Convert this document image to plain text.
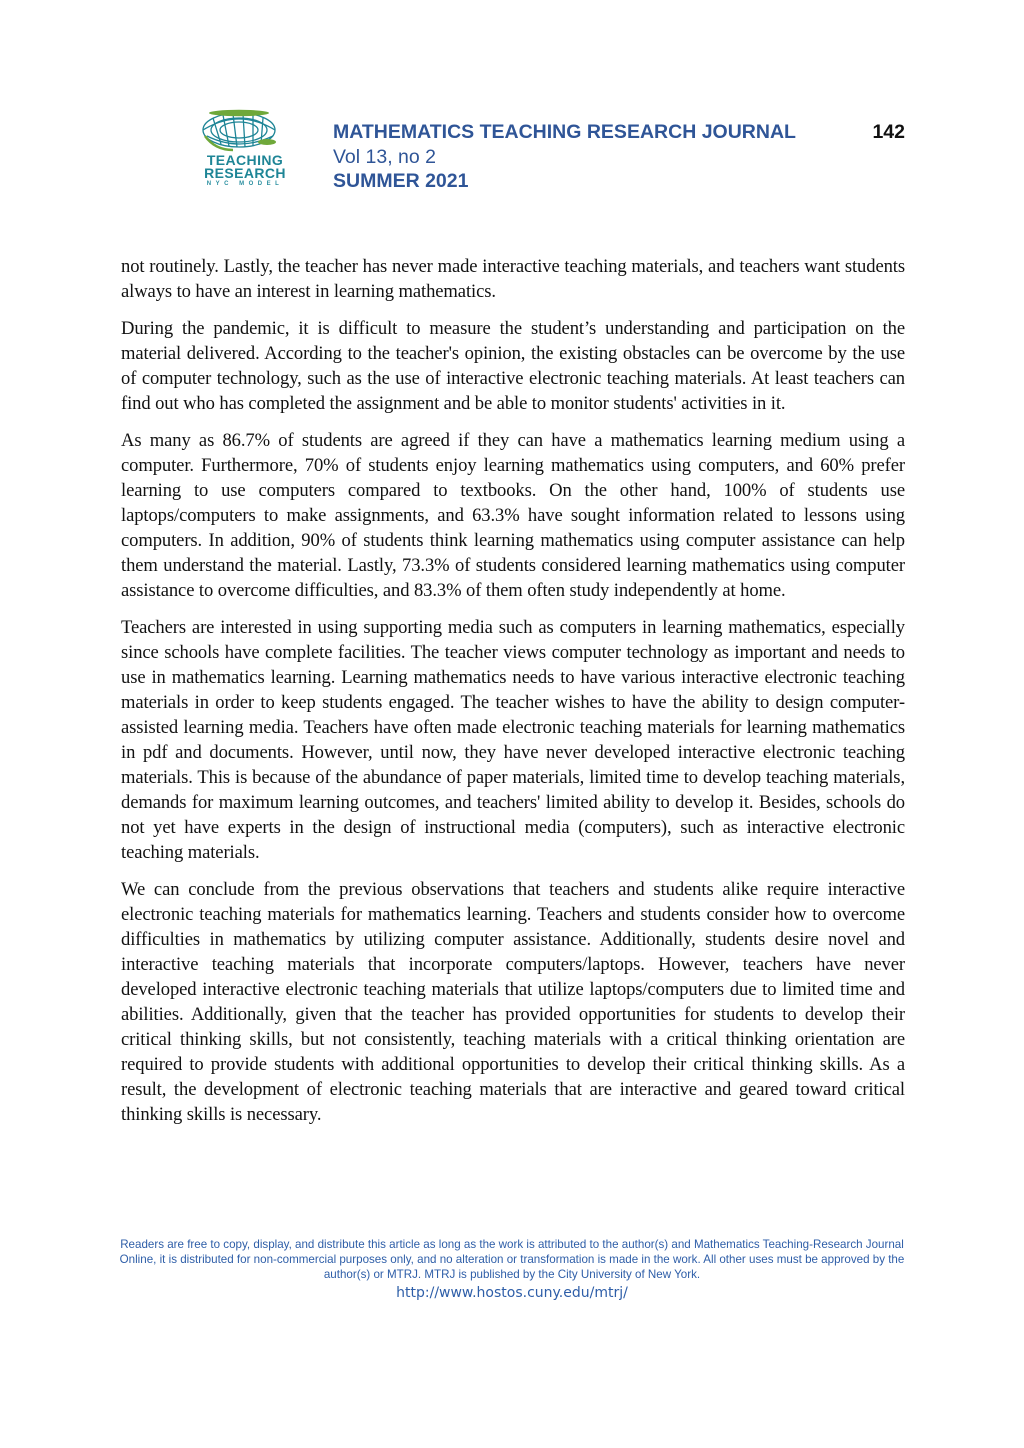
TEACHING
RESEARCH
NYC MODEL
MATHEMATICS TEACHING RESEARCH JOURNAL
Vol 13, no 2
SUMMER 2021
142

not routinely. Lastly, the teacher has never made interactive teaching materials, and teachers want students always to have an interest in learning mathematics.

During the pandemic, it is difficult to measure the student’s understanding and participation on the material delivered. According to the teacher's opinion, the existing obstacles can be overcome by the use of computer technology, such as the use of interactive electronic teaching materials. At least teachers can find out who has completed the assignment and be able to monitor students' activities in it.

As many as 86.7% of students are agreed if they can have a mathematics learning medium using a computer. Furthermore, 70% of students enjoy learning mathematics using computers, and 60% prefer learning to use computers compared to textbooks. On the other hand, 100% of students use laptops/computers to make assignments, and 63.3% have sought information related to lessons using computers. In addition, 90% of students think learning mathematics using computer assistance can help them understand the material. Lastly, 73.3% of students considered learning mathematics using computer assistance to overcome difficulties, and 83.3% of them often study independently at home.

Teachers are interested in using supporting media such as computers in learning mathematics, especially since schools have complete facilities. The teacher views computer technology as important and needs to use in mathematics learning. Learning mathematics needs to have various interactive electronic teaching materials in order to keep students engaged. The teacher wishes to have the ability to design computer-assisted learning media. Teachers have often made electronic teaching materials for learning mathematics in pdf and documents. However, until now, they have never developed interactive electronic teaching materials. This is because of the abundance of paper materials, limited time to develop teaching materials, demands for maximum learning outcomes, and teachers' limited ability to develop it. Besides, schools do not yet have experts in the design of instructional media (computers), such as interactive electronic teaching materials.

We can conclude from the previous observations that teachers and students alike require interactive electronic teaching materials for mathematics learning. Teachers and students consider how to overcome difficulties in mathematics by utilizing computer assistance. Additionally, students desire novel and interactive teaching materials that incorporate computers/laptops. However, teachers have never developed interactive electronic teaching materials that utilize laptops/computers due to limited time and abilities. Additionally, given that the teacher has provided opportunities for students to develop their critical thinking skills, but not consistently, teaching materials with a critical thinking orientation are required to provide students with additional opportunities to develop their critical thinking skills. As a result, the development of electronic teaching materials that are interactive and geared toward critical thinking skills is necessary.

Readers are free to copy, display, and distribute this article as long as the work is attributed to the author(s) and Mathematics Teaching-Research Journal Online, it is distributed for non-commercial purposes only, and no alteration or transformation is made in the work. All other uses must be approved by the author(s) or MTRJ. MTRJ is published by the City University of New York.
http://www.hostos.cuny.edu/mtrj/
